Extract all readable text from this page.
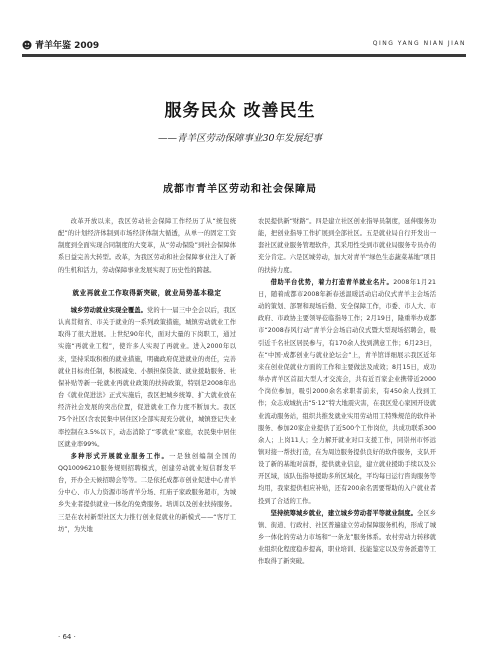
青羊年鉴 2009	QING YANG NIAN JIAN
服务民众 改善民生
——青羊区劳动保障事业30年发展纪事
成都市青羊区劳动和社会保障局

改革开放以来，我区劳动社会保障工作经历了从“统包统配”的计划经济体制到市场经济体制大循透，从单一的固定工资制度到全面实现合同制度的大变革，从“劳动保险”到社会保障体系日益完善大转型。改革，为我区劳动和社会保障事业注入了新的生机和活力，劳动保障事业发展实现了历史性的跨越。

就业再就业工作取得新突破，就业局势基本稳定

城乡劳动就业实现全覆盖。党的十一届三中全会以后，我区认真贯彻省、市关于就业的一系列政策措施，城镇劳动就业工作取得了很大进展。上世纪90年代，面对大量的下岗职工，通过实施“再就业工程”，使许多人实现了再就业。进入2000年以来，坚持采取积极的就业措施，明确政府促进就业的责任，完善就业目标责任制，积极减免、小额担保贷款、就业援助服务、社保补贴等新一轮就业再就业政策的扶持政策，特别是2008年出台《就业促进法》正式实施后，我区把城乡统筹、扩大就业放在经济社会发展的突出位置，促进就业工作力度不断加大。我区75个社区(含农民集中居住区)全部实现充分就业，城镇登记失业率控制在3.5%以下，动态消除了“零就业”家庭，农民集中居住区就业率99%。

多种形式开展就业服务工作。一是独创编制全国的QQ10096210服务规则招聘模式，创建劳动就业短信群发平台，开办全天候招聘会等等。二是依托成都市创业促进中心青羊分中心、市人力资源市场青羊分场、红庙子家政服务超市，为城乡失业者提供就业一体化的免费服务。培训以及创业扶持服务。三是在农村新型社区大力推行创业促就业的新模式——“客厅工坊”，为失地

农民提供新“财路”。四是建立社区创业指导员制度，延伸服务功能，把创业指导工作扩展到全部社区。五是就业局自行开发出一套社区就业服务管理软件，其采用性受到市就业局服务专员办的充分肯定。六是区城劳动，加大对青羊“绿色生态蔬菜基地”项目的扶持力度。

借助平台优势，着力打造青羊就业名片。2008年1月21日，随着成都市2008年新春送温暖活动启动仪式青羊主会场活动的策划、部署和现场后勤、安全保障工作，市委、市人大、市政府、市政协主要领导莅临指导工作；2月19日，隆重举办成都市“2008春风行动”青羊分会场启动仪式暨大型现场招聘会，吸引近千名社区居民参与，有170余人找到满意工作；6月23日，在“中国·成都创业与就业论坛会”上，青羊馆详细展示我区近年来在创业促就业方面的工作和主要做法及成效；8月15日，成功举办青羊区首届大型人才交流会，共有近百家企业携带近2000个岗位参加，吸引2000余名求职者前来，有450余人找到工作；众志成城抗击“5·12”特大地震灾害，在我区爱心家园开设就业流动服务站，组织共推发就业实用劳动用工特殊规范的软件补服务、参加20家企业提供了近500个工作岗位，共成功联系300余人；上岗11人；全力解开就业对口支援工作，同崇州市怀远镇对接一帮扶打造，在为周边服务提供良好的软件服务，支队开设了新的基地对前群，提供就业信息，建立就业援助手续以及公开区域，该队伍指导援助多所区域化，平均每日运行咨询服务等均用，我家提供相应补贴，还有200余名需要帮助的入户就业者投到了合适的工作。

坚持统筹城乡就业，建立城乡劳动者平等就业制度。全区乡镇、街道、行政村、社区普遍建立劳动保障服务机构，形成了城乡一体化的劳动力市场和“一条龙”服务体系。农村劳动力转移就业组织化程度稳步提高，职业培训、技能鉴定以及劳务派遣等工作取得了新突破。

· 64 ·
